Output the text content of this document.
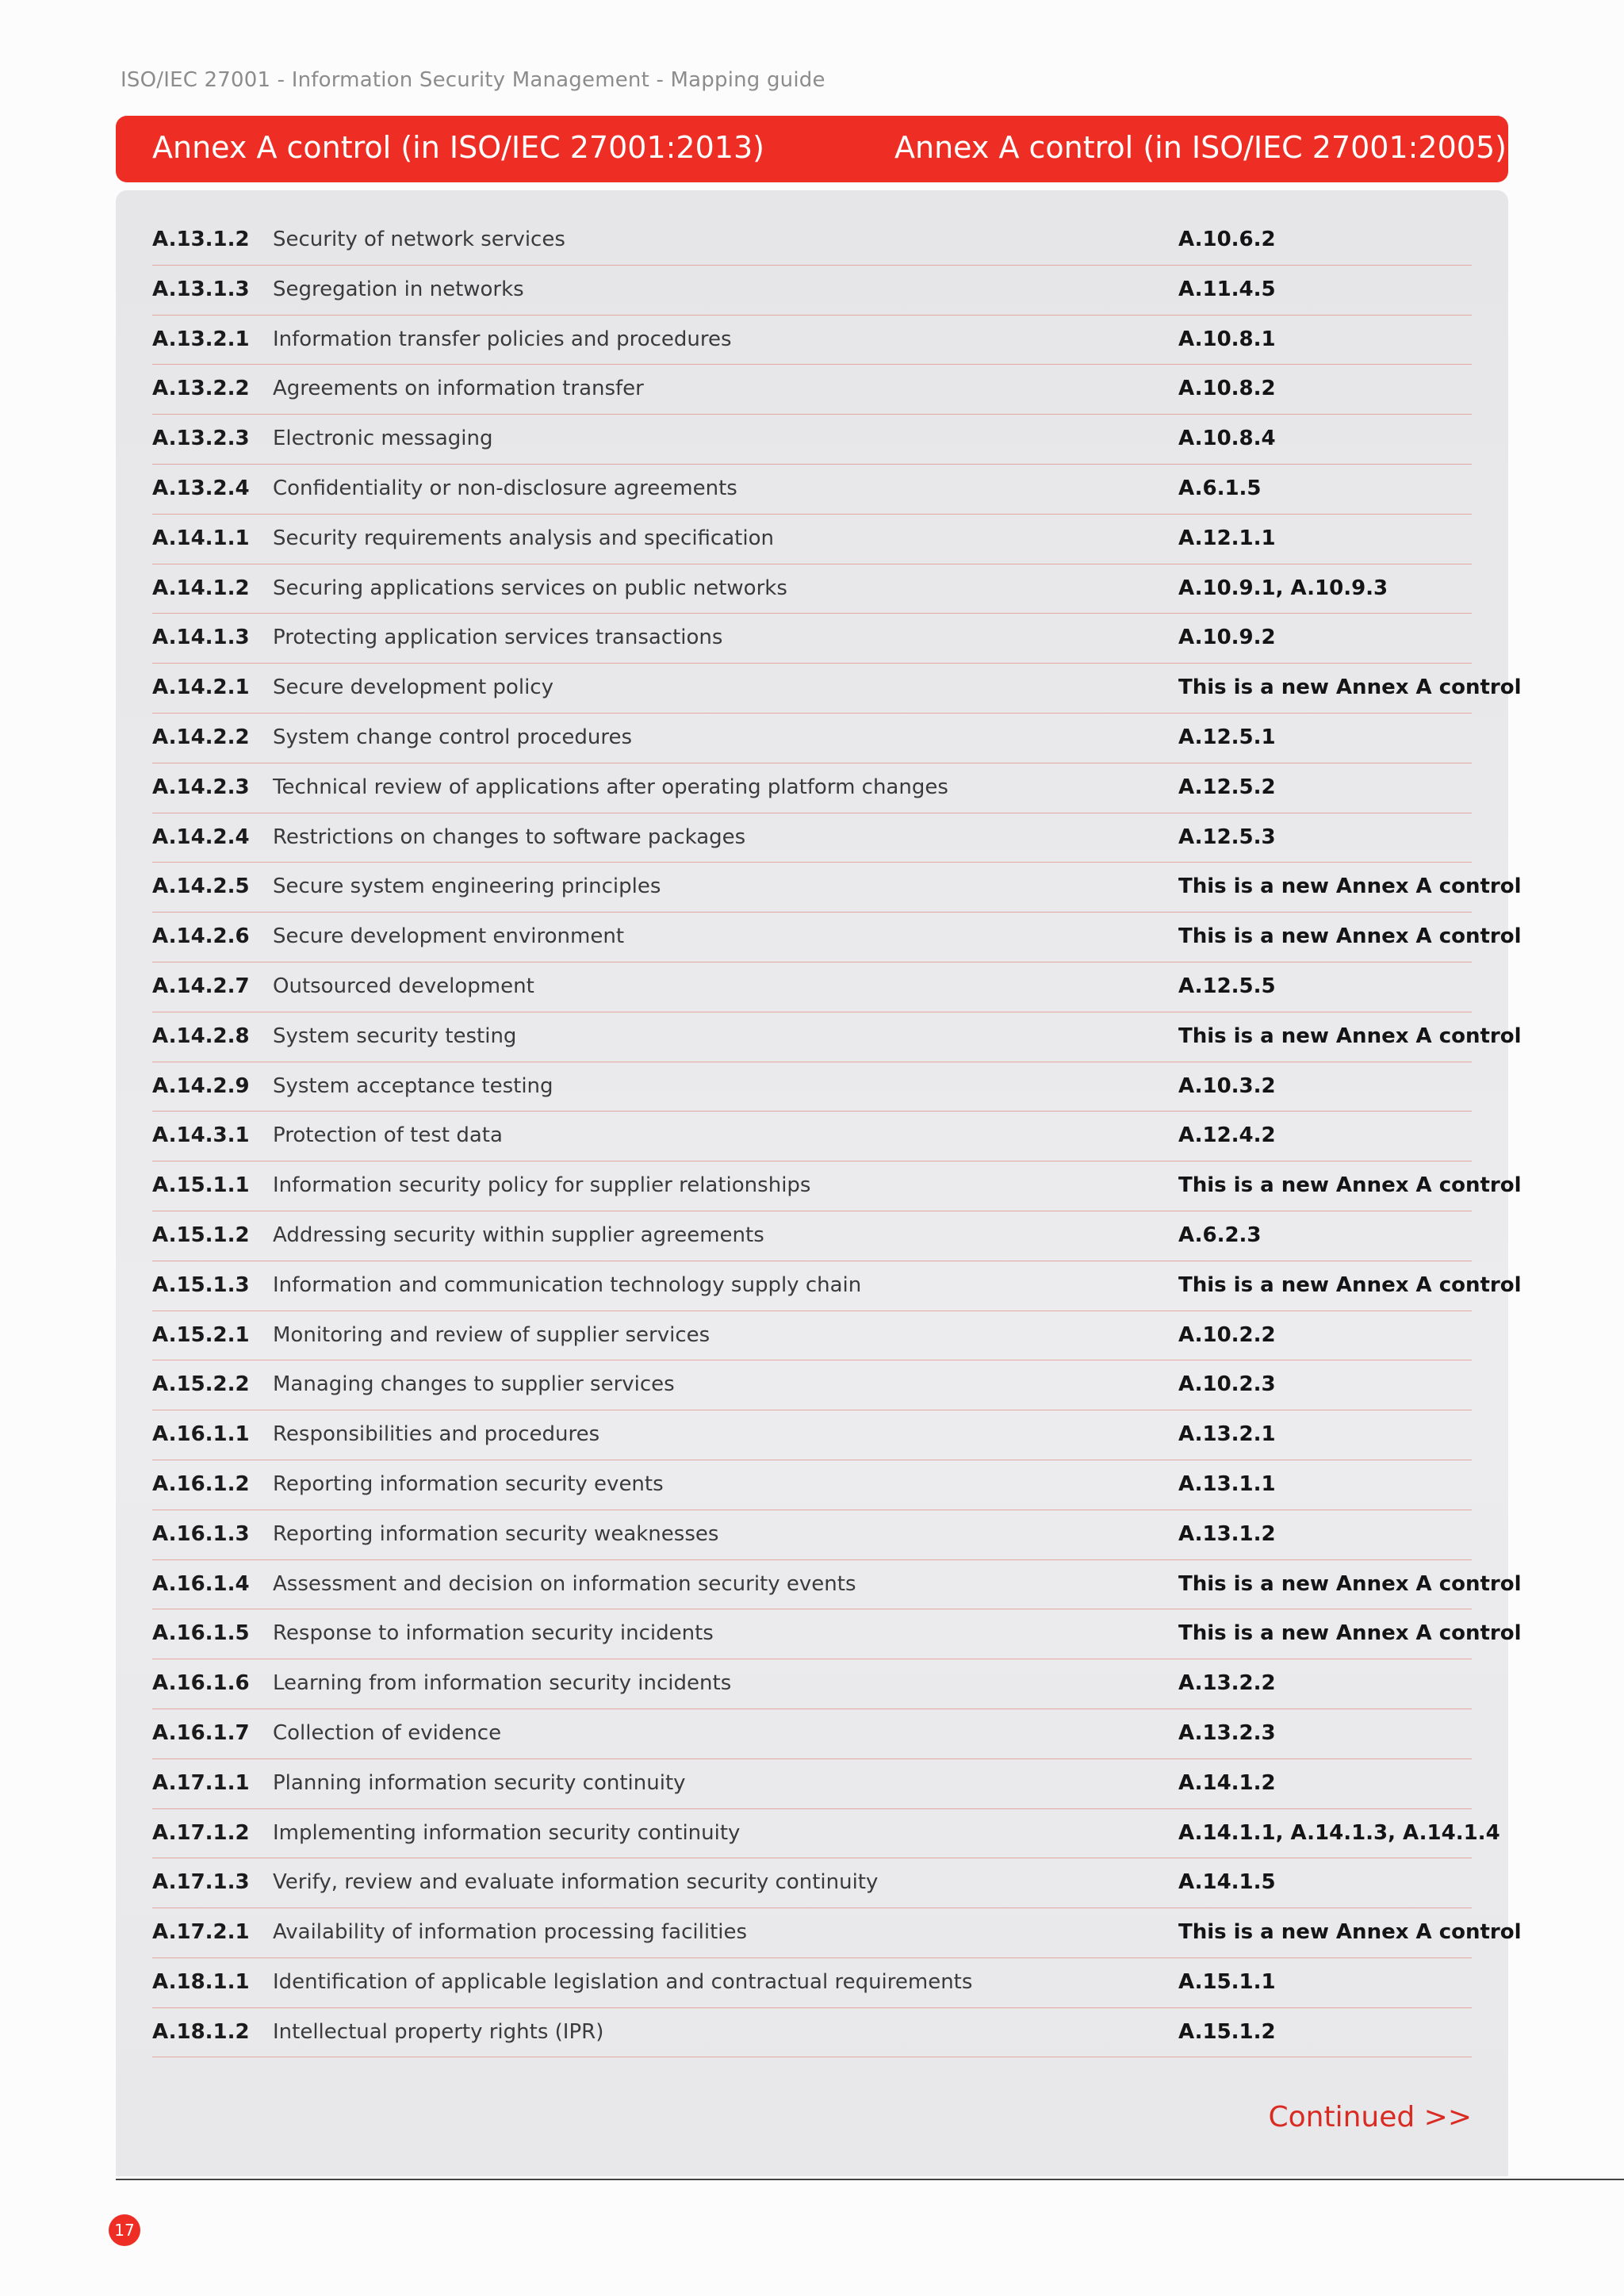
ISO/IEC 27001 - Information Security Management - Mapping guide
Annex A control (in ISO/IEC 27001:2013)	Annex A control (in ISO/IEC 27001:2005)
A.13.1.2 Security of network services	A.10.6.2
A.13.1.3 Segregation in networks	A.11.4.5
A.13.2.1 Information transfer policies and procedures	A.10.8.1
A.13.2.2 Agreements on information transfer	A.10.8.2
A.13.2.3 Electronic messaging	A.10.8.4
A.13.2.4 Confidentiality or non-disclosure agreements	A.6.1.5
A.14.1.1 Security requirements analysis and specification	A.12.1.1
A.14.1.2 Securing applications services on public networks	A.10.9.1, A.10.9.3
A.14.1.3 Protecting application services transactions	A.10.9.2
A.14.2.1 Secure development policy	This is a new Annex A control
A.14.2.2 System change control procedures	A.12.5.1
A.14.2.3 Technical review of applications after operating platform changes	A.12.5.2
A.14.2.4 Restrictions on changes to software packages	A.12.5.3
A.14.2.5 Secure system engineering principles	This is a new Annex A control
A.14.2.6 Secure development environment	This is a new Annex A control
A.14.2.7 Outsourced development	A.12.5.5
A.14.2.8 System security testing	This is a new Annex A control
A.14.2.9 System acceptance testing	A.10.3.2
A.14.3.1 Protection of test data	A.12.4.2
A.15.1.1 Information security policy for supplier relationships	This is a new Annex A control
A.15.1.2 Addressing security within supplier agreements	A.6.2.3
A.15.1.3 Information and communication technology supply chain	This is a new Annex A control
A.15.2.1 Monitoring and review of supplier services	A.10.2.2
A.15.2.2 Managing changes to supplier services	A.10.2.3
A.16.1.1 Responsibilities and procedures	A.13.2.1
A.16.1.2 Reporting information security events	A.13.1.1
A.16.1.3 Reporting information security weaknesses	A.13.1.2
A.16.1.4 Assessment and decision on information security events	This is a new Annex A control
A.16.1.5 Response to information security incidents	This is a new Annex A control
A.16.1.6 Learning from information security incidents	A.13.2.2
A.16.1.7 Collection of evidence	A.13.2.3
A.17.1.1 Planning information security continuity	A.14.1.2
A.17.1.2 Implementing information security continuity	A.14.1.1, A.14.1.3, A.14.1.4
A.17.1.3 Verify, review and evaluate information security continuity	A.14.1.5
A.17.2.1 Availability of information processing facilities	This is a new Annex A control
A.18.1.1 Identification of applicable legislation and contractual requirements	A.15.1.1
A.18.1.2 Intellectual property rights (IPR)	A.15.1.2
Continued >>
17
